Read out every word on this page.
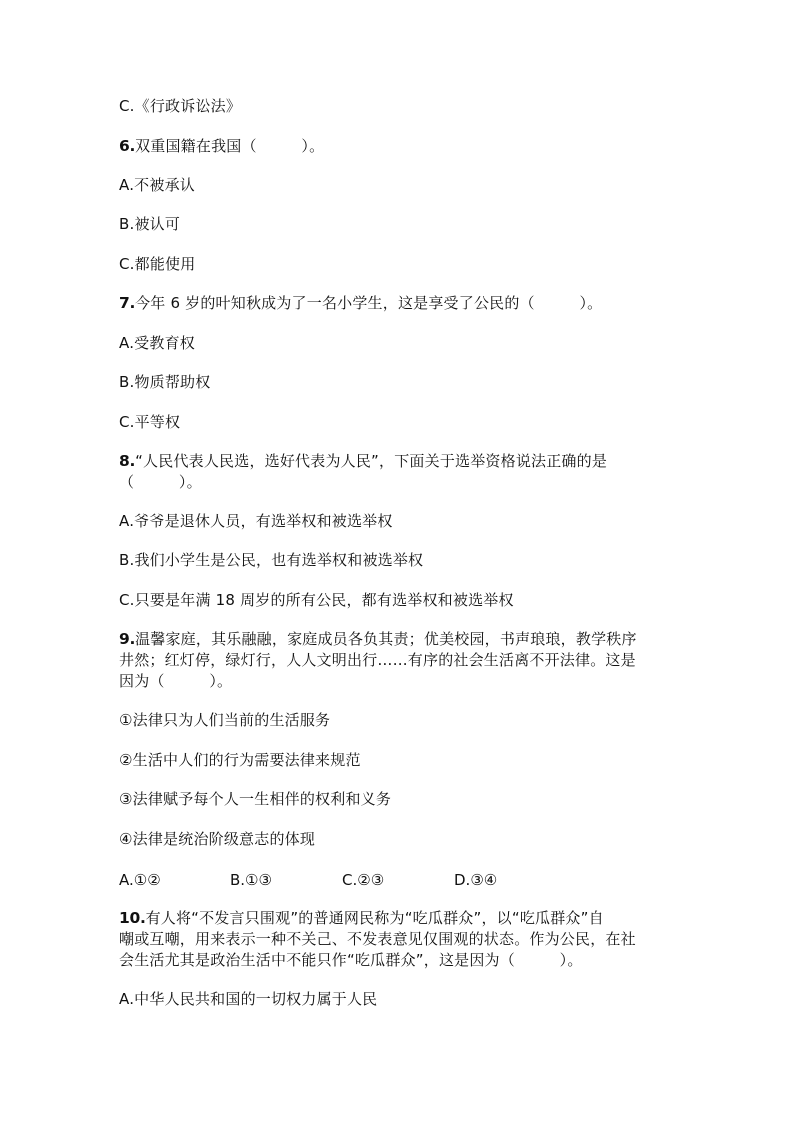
C.《行政诉讼法》
6.双重国籍在我国（         ）。
A.不被承认
B.被认可
C.都能使用
7.今年 6 岁的叶知秋成为了一名小学生，这是享受了公民的（         ）。
A.受教育权
B.物质帮助权
C.平等权
8.“人民代表人民选，选好代表为人民”，下面关于选举资格说法正确的是
（         ）。
A.爷爷是退休人员，有选举权和被选举权
B.我们小学生是公民，也有选举权和被选举权
C.只要是年满 18 周岁的所有公民，都有选举权和被选举权
9.温馨家庭，其乐融融，家庭成员各负其责；优美校园，书声琅琅，教学秩序
井然；红灯停，绿灯行，人人文明出行……有序的社会生活离不开法律。这是
因为（         ）。
①法律只为人们当前的生活服务
②生活中人们的行为需要法律来规范
③法律赋予每个人一生相伴的权利和义务
④法律是统治阶级意志的体现
A.①②	B.①③	C.②③	D.③④
10.有人将“不发言只围观”的普通网民称为“吃瓜群众”，以“吃瓜群众”自
嘲或互嘲，用来表示一种不关己、不发表意见仅围观的状态。作为公民，在社
会生活尤其是政治生活中不能只作“吃瓜群众”，这是因为（         ）。
A.中华人民共和国的一切权力属于人民
